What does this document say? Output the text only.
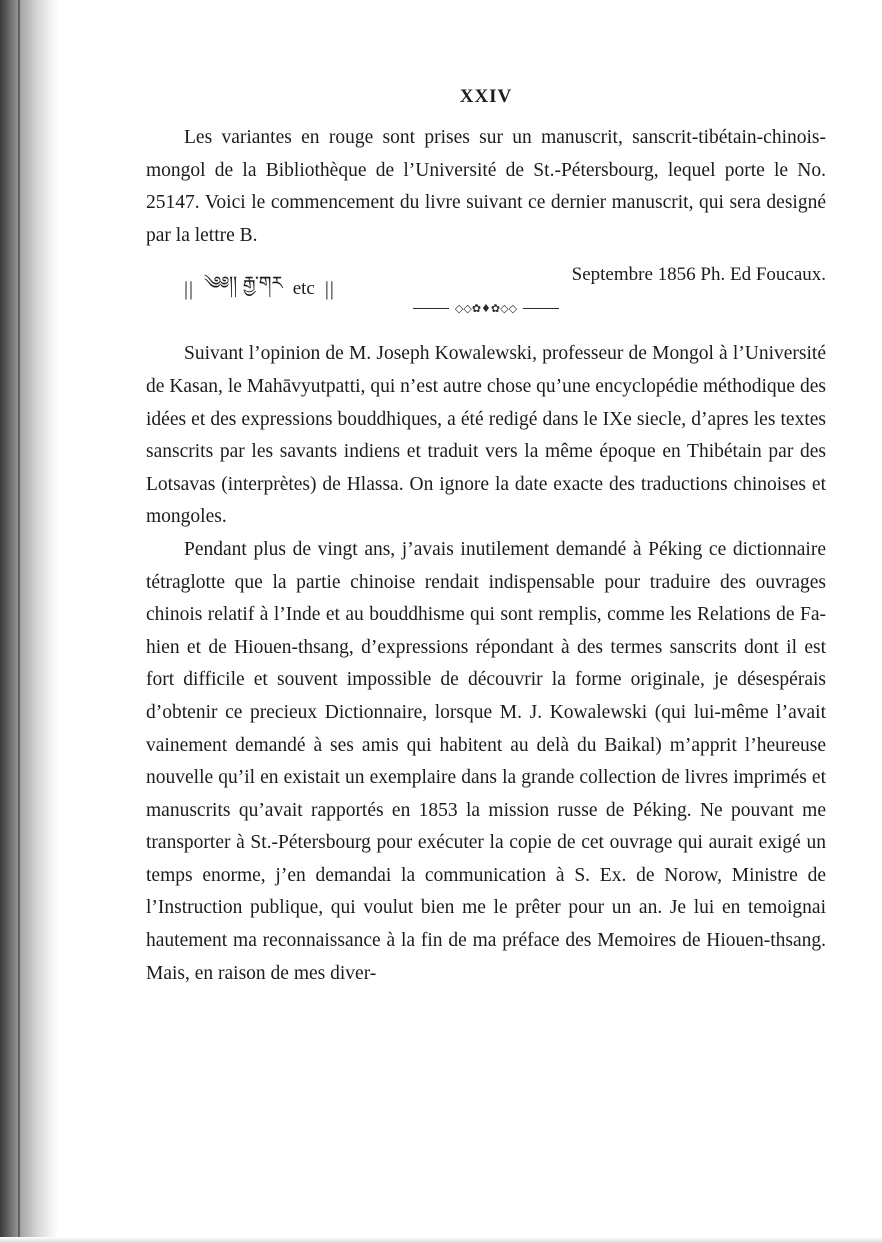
XXIV

Les variantes en rouge sont prises sur un manuscrit, sanscrit-tibétain-chinois-mongol de la Bibliothèque de l’Université de St.-Pétersbourg, lequel porte le No. 25147. Voici le commencement du livre suivant ce dernier manuscrit, qui sera designé par la lettre B.

|| ༄༅།། རྒྱ་གར etc ||
Septembre 1856 Ph. Ed Foucaux.
◇◇✿♦✿◇◇

Suivant l’opinion de M. Joseph Kowalewski, professeur de Mongol à l’Université de Kasan, le Mahāvyutpatti, qui n’est autre chose qu’une encyclopédie méthodique des idées et des expressions bouddhiques, a été redigé dans le IXe siecle, d’apres les textes sanscrits par les savants indiens et traduit vers la même époque en Thibétain par des Lotsavas (interprètes) de Hlassa. On ignore la date exacte des traductions chinoises et mongoles.

Pendant plus de vingt ans, j’avais inutilement demandé à Péking ce dictionnaire tétraglotte que la partie chinoise rendait indispensable pour traduire des ouvrages chinois relatif à l’Inde et au bouddhisme qui sont remplis, comme les Relations de Fa-hien et de Hiouen-thsang, d’expressions répondant à des termes sanscrits dont il est fort difficile et souvent impossible de découvrir la forme originale, je désespérais d’obtenir ce precieux Dictionnaire, lorsque M. J. Kowalewski (qui lui-même l’avait vainement demandé à ses amis qui habitent au delà du Baikal) m’apprit l’heureuse nouvelle qu’il en existait un exemplaire dans la grande collection de livres imprimés et manuscrits qu’avait rapportés en 1853 la mission russe de Péking. Ne pouvant me transporter à St.-Pétersbourg pour exécuter la copie de cet ouvrage qui aurait exigé un temps enorme, j’en demandai la communication à S. Ex. de Norow, Ministre de l’Instruction publique, qui voulut bien me le prêter pour un an. Je lui en temoignai hautement ma reconnaissance à la fin de ma préface des Memoires de Hiouen-thsang. Mais, en raison de mes diver-
